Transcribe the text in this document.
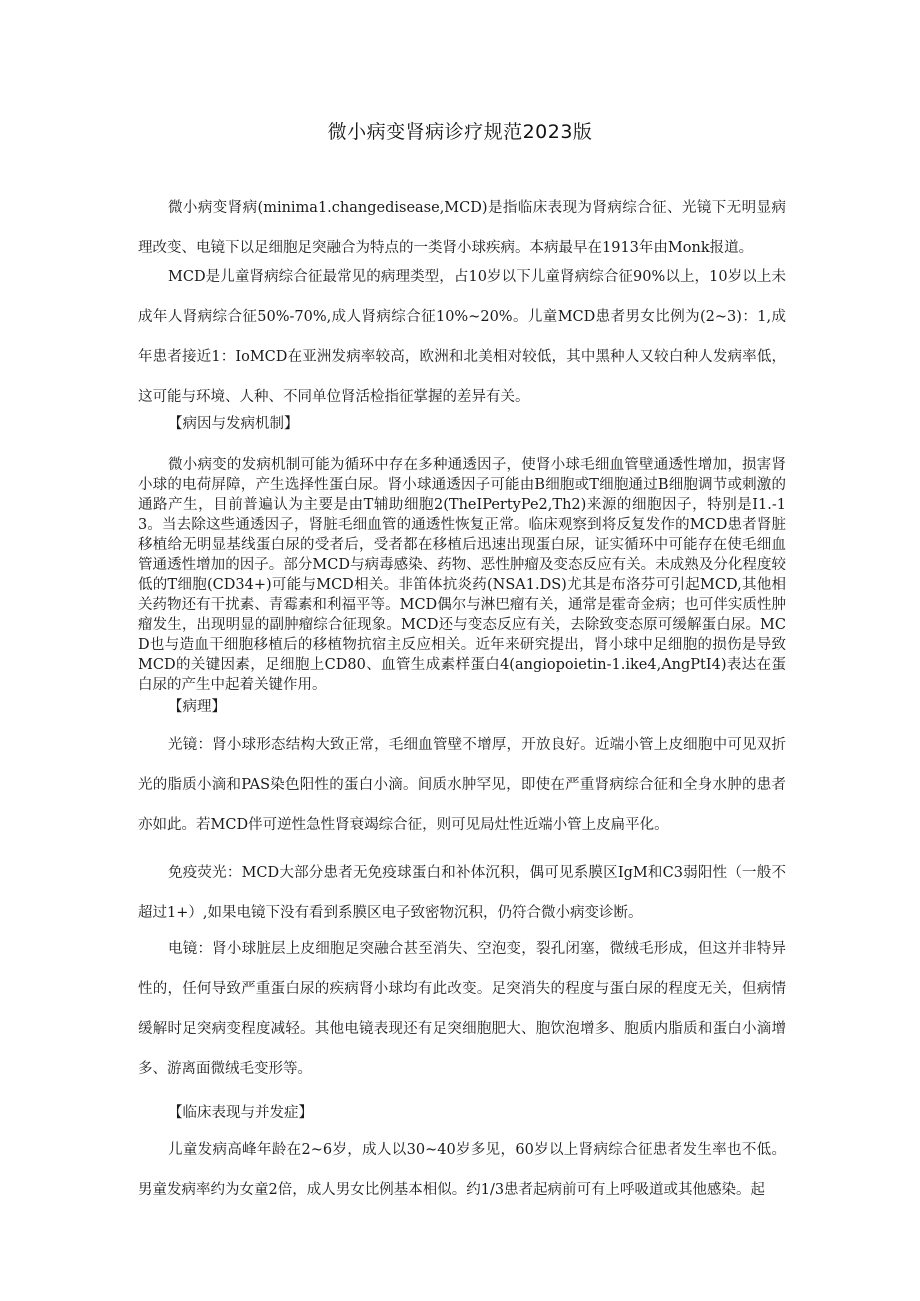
微小病变肾病诊疗规范2023版

微小病变肾病(minima1.changedisease,MCD)是指临床表现为肾病综合征、光镜下无明显病理改变、电镜下以足细胞足突融合为特点的一类肾小球疾病。本病最早在1913年由Monk报道。

MCD是儿童肾病综合征最常见的病理类型，占10岁以下儿童肾病综合征90%以上，10岁以上未成年人肾病综合征50%-70%,成人肾病综合征10%~20%。儿童MCD患者男女比例为(2~3)：1,成年患者接近1：IoMCD在亚洲发病率较高，欧洲和北美相对较低，其中黑种人又较白种人发病率低，这可能与环境、人种、不同单位肾活检指征掌握的差异有关。

【病因与发病机制】

微小病变的发病机制可能为循环中存在多种通透因子，使肾小球毛细血管壁通透性增加，损害肾小球的电荷屏障，产生选择性蛋白尿。肾小球通透因子可能由B细胞或T细胞通过B细胞调节或刺激的通路产生，目前普遍认为主要是由T辅助细胞2(TheIPertyPe2,Th2)来源的细胞因子，特别是I1.-13。当去除这些通透因子，肾脏毛细血管的通透性恢复正常。临床观察到将反复发作的MCD患者肾脏移植给无明显基线蛋白尿的受者后，受者都在移植后迅速出现蛋白尿，证实循环中可能存在使毛细血管通透性增加的因子。部分MCD与病毒感染、药物、恶性肿瘤及变态反应有关。未成熟及分化程度较低的T细胞(CD34+)可能与MCD相关。非笛体抗炎药(NSA1.DS)尤其是布洛芬可引起MCD,其他相关药物还有干扰素、青霉素和利福平等。MCD偶尔与淋巴瘤有关，通常是霍奇金病；也可伴实质性肿瘤发生，出现明显的副肿瘤综合征现象。MCD还与变态反应有关，去除致变态原可缓解蛋白尿。MCD也与造血干细胞移植后的移植物抗宿主反应相关。近年来研究提出，肾小球中足细胞的损伤是导致MCD的关键因素，足细胞上CD80、血管生成素样蛋白4(angiopoietin-1.ike4,AngPtI4)表达在蛋白尿的产生中起着关键作用。

【病理】

光镜：肾小球形态结构大致正常，毛细血管壁不增厚，开放良好。近端小管上皮细胞中可见双折光的脂质小滴和PAS染色阳性的蛋白小滴。间质水肿罕见，即使在严重肾病综合征和全身水肿的患者亦如此。若MCD伴可逆性急性肾衰竭综合征，则可见局灶性近端小管上皮扁平化。

免疫荧光：MCD大部分患者无免疫球蛋白和补体沉积，偶可见系膜区IgM和C3弱阳性（一般不超过1+）,如果电镜下没有看到系膜区电子致密物沉积，仍符合微小病变诊断。

电镜：肾小球脏层上皮细胞足突融合甚至消失、空泡变，裂孔闭塞，微绒毛形成，但这并非特异性的，任何导致严重蛋白尿的疾病肾小球均有此改变。足突消失的程度与蛋白尿的程度无关，但病情缓解时足突病变程度减轻。其他电镜表现还有足突细胞肥大、胞饮泡增多、胞质内脂质和蛋白小滴增多、游离面微绒毛变形等。

【临床表现与并发症】

儿童发病高峰年龄在2~6岁，成人以30~40岁多见，60岁以上肾病综合征患者发生率也不低。男童发病率约为女童2倍，成人男女比例基本相似。约1/3患者起病前可有上呼吸道或其他感染。起
